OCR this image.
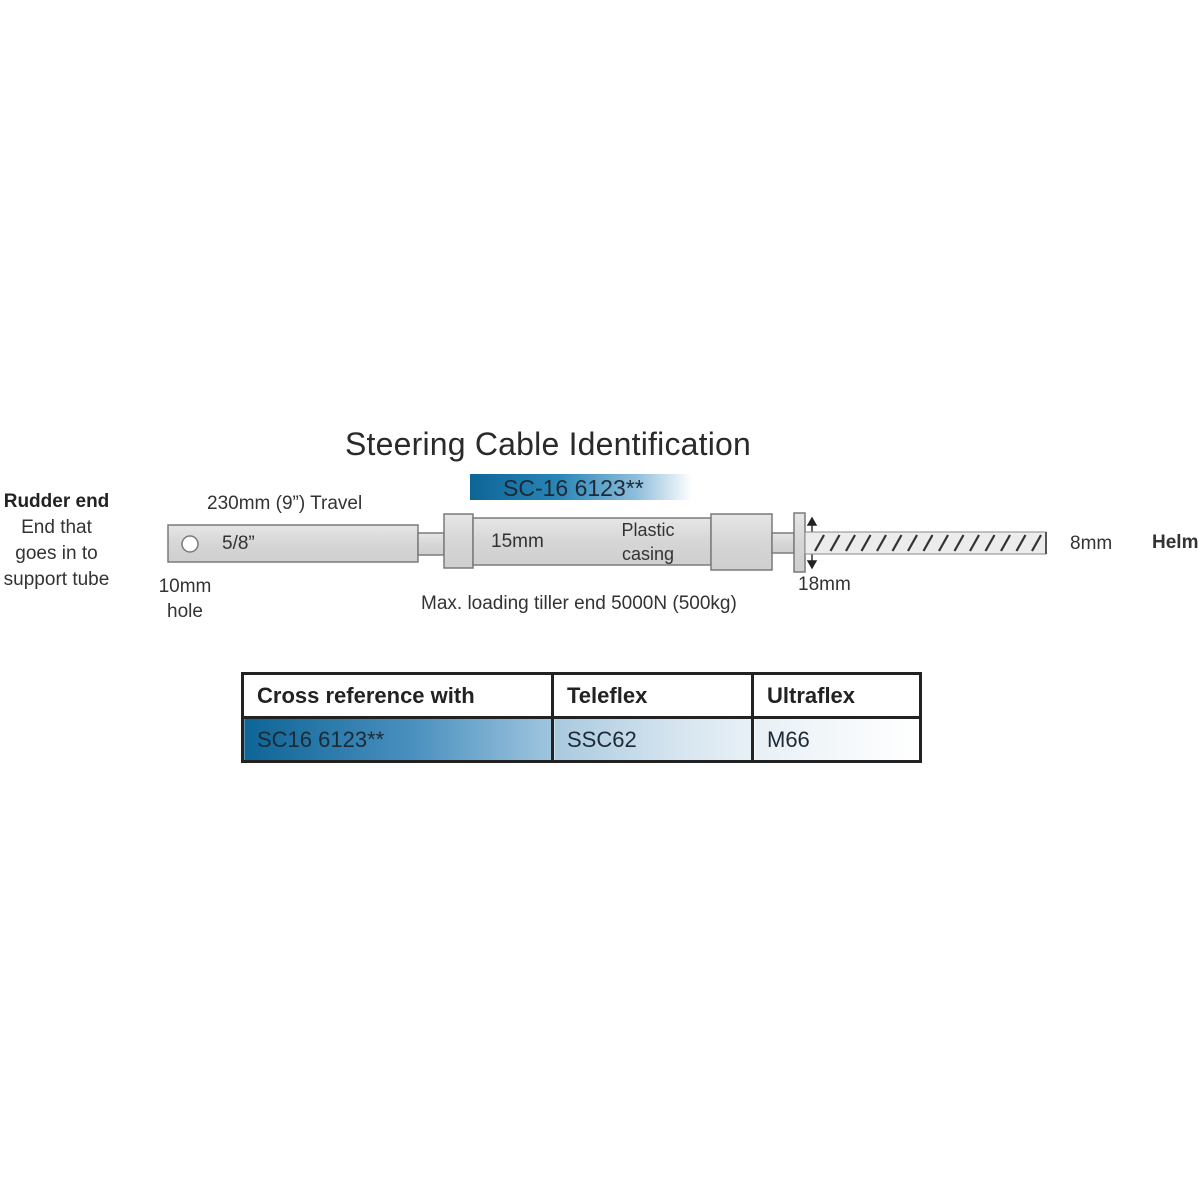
Steering Cable Identification
SC-16 6123**
Rudder end
End that
goes in to
support tube
230mm (9”) Travel
5/8”
10mm
hole
15mm
Plastic
casing
Max. loading tiller end 5000N (500kg)
18mm
8mm Helm
Cross reference with	Teleflex	Ultraflex
SC16 6123**	SSC62	M66
